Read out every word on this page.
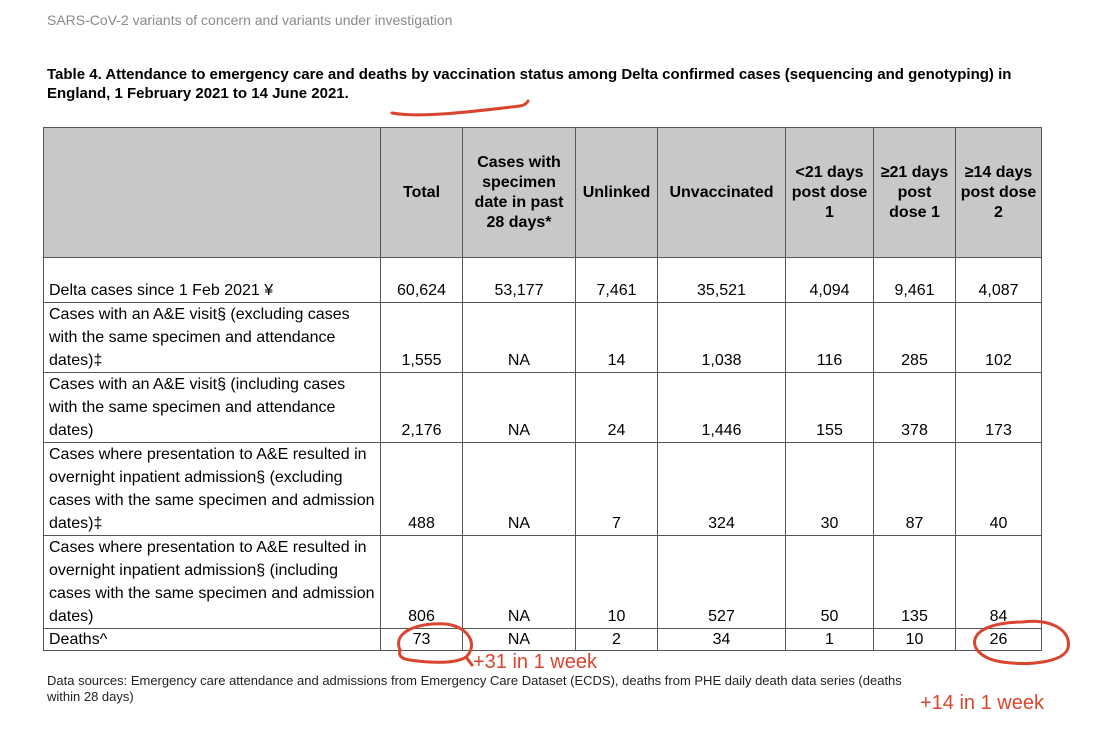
SARS-CoV-2 variants of concern and variants under investigation
Table 4. Attendance to emergency care and deaths by vaccination status among Delta confirmed cases (sequencing and genotyping) in England, 1 February 2021 to 14 June 2021.
	Total	Cases with specimen date in past 28 days*	Unlinked	Unvaccinated	<21 days post dose 1	≥21 days post dose 1	≥14 days post dose 2
Delta cases since 1 Feb 2021 ¥	60,624	53,177	7,461	35,521	4,094	9,461	4,087
Cases with an A&E visit§ (excluding cases with the same specimen and attendance dates)‡	1,555	NA	14	1,038	116	285	102
Cases with an A&E visit§ (including cases with the same specimen and attendance dates)	2,176	NA	24	1,446	155	378	173
Cases where presentation to A&E resulted in overnight inpatient admission§ (excluding cases with the same specimen and admission dates)‡	488	NA	7	324	30	87	40
Cases where presentation to A&E resulted in overnight inpatient admission§ (including cases with the same specimen and admission dates)	806	NA	10	527	50	135	84
Deaths^	73	NA	2	34	1	10	26
Data sources: Emergency care attendance and admissions from Emergency Care Dataset (ECDS), deaths from PHE daily death data series (deaths within 28 days)
+31 in 1 week
+14 in 1 week
